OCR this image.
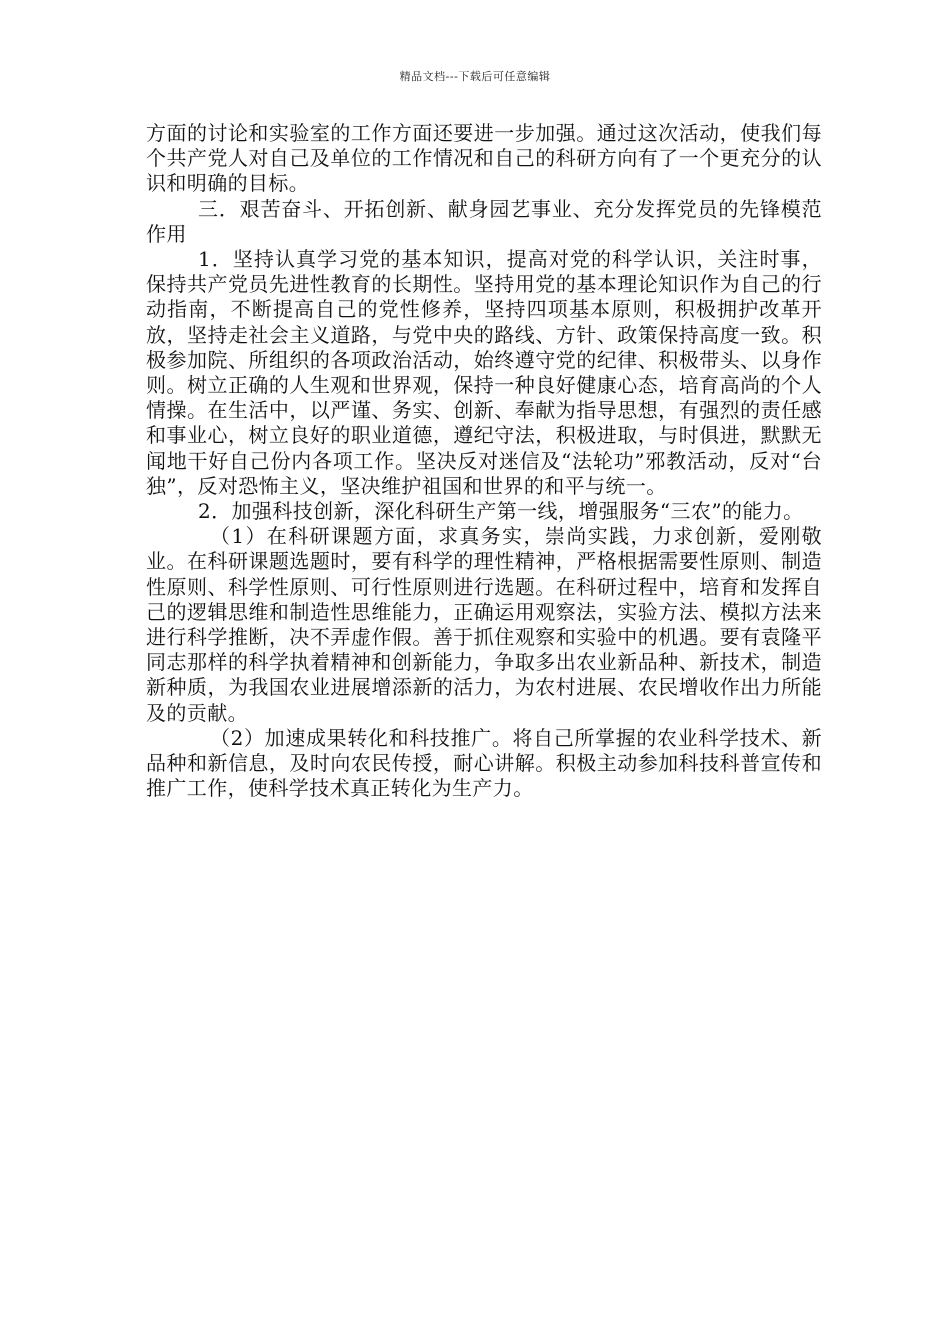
精品文档---下载后可任意编辑

方面的讨论和实验室的工作方面还要进一步加强。通过这次活动，使我们每个共产党人对自己及单位的工作情况和自己的科研方向有了一个更充分的认识和明确的目标。

三．艰苦奋斗、开拓创新、献身园艺事业、充分发挥党员的先锋模范作用

1．坚持认真学习党的基本知识，提高对党的科学认识，关注时事，保持共产党员先进性教育的长期性。坚持用党的基本理论知识作为自己的行动指南，不断提高自己的党性修养，坚持四项基本原则，积极拥护改革开放，坚持走社会主义道路，与党中央的路线、方针、政策保持高度一致。积极参加院、所组织的各项政治活动，始终遵守党的纪律、积极带头、以身作则。树立正确的人生观和世界观，保持一种良好健康心态，培育高尚的个人情操。在生活中，以严谨、务实、创新、奉献为指导思想，有强烈的责任感和事业心，树立良好的职业道德，遵纪守法，积极进取，与时俱进，默默无闻地干好自己份内各项工作。坚决反对迷信及“法轮功”邪教活动，反对“台独”，反对恐怖主义，坚决维护祖国和世界的和平与统一。

2．加强科技创新，深化科研生产第一线，增强服务“三农”的能力。

（1）在科研课题方面，求真务实，崇尚实践，力求创新，爱刚敬业。在科研课题选题时，要有科学的理性精神，严格根据需要性原则、制造性原则、科学性原则、可行性原则进行选题。在科研过程中，培育和发挥自己的逻辑思维和制造性思维能力，正确运用观察法，实验方法、模拟方法来进行科学推断，决不弄虚作假。善于抓住观察和实验中的机遇。要有袁隆平同志那样的科学执着精神和创新能力，争取多出农业新品种、新技术，制造新种质，为我国农业进展增添新的活力，为农村进展、农民增收作出力所能及的贡献。

（2）加速成果转化和科技推广。将自己所掌握的农业科学技术、新品种和新信息，及时向农民传授，耐心讲解。积极主动参加科技科普宣传和推广工作，使科学技术真正转化为生产力。
